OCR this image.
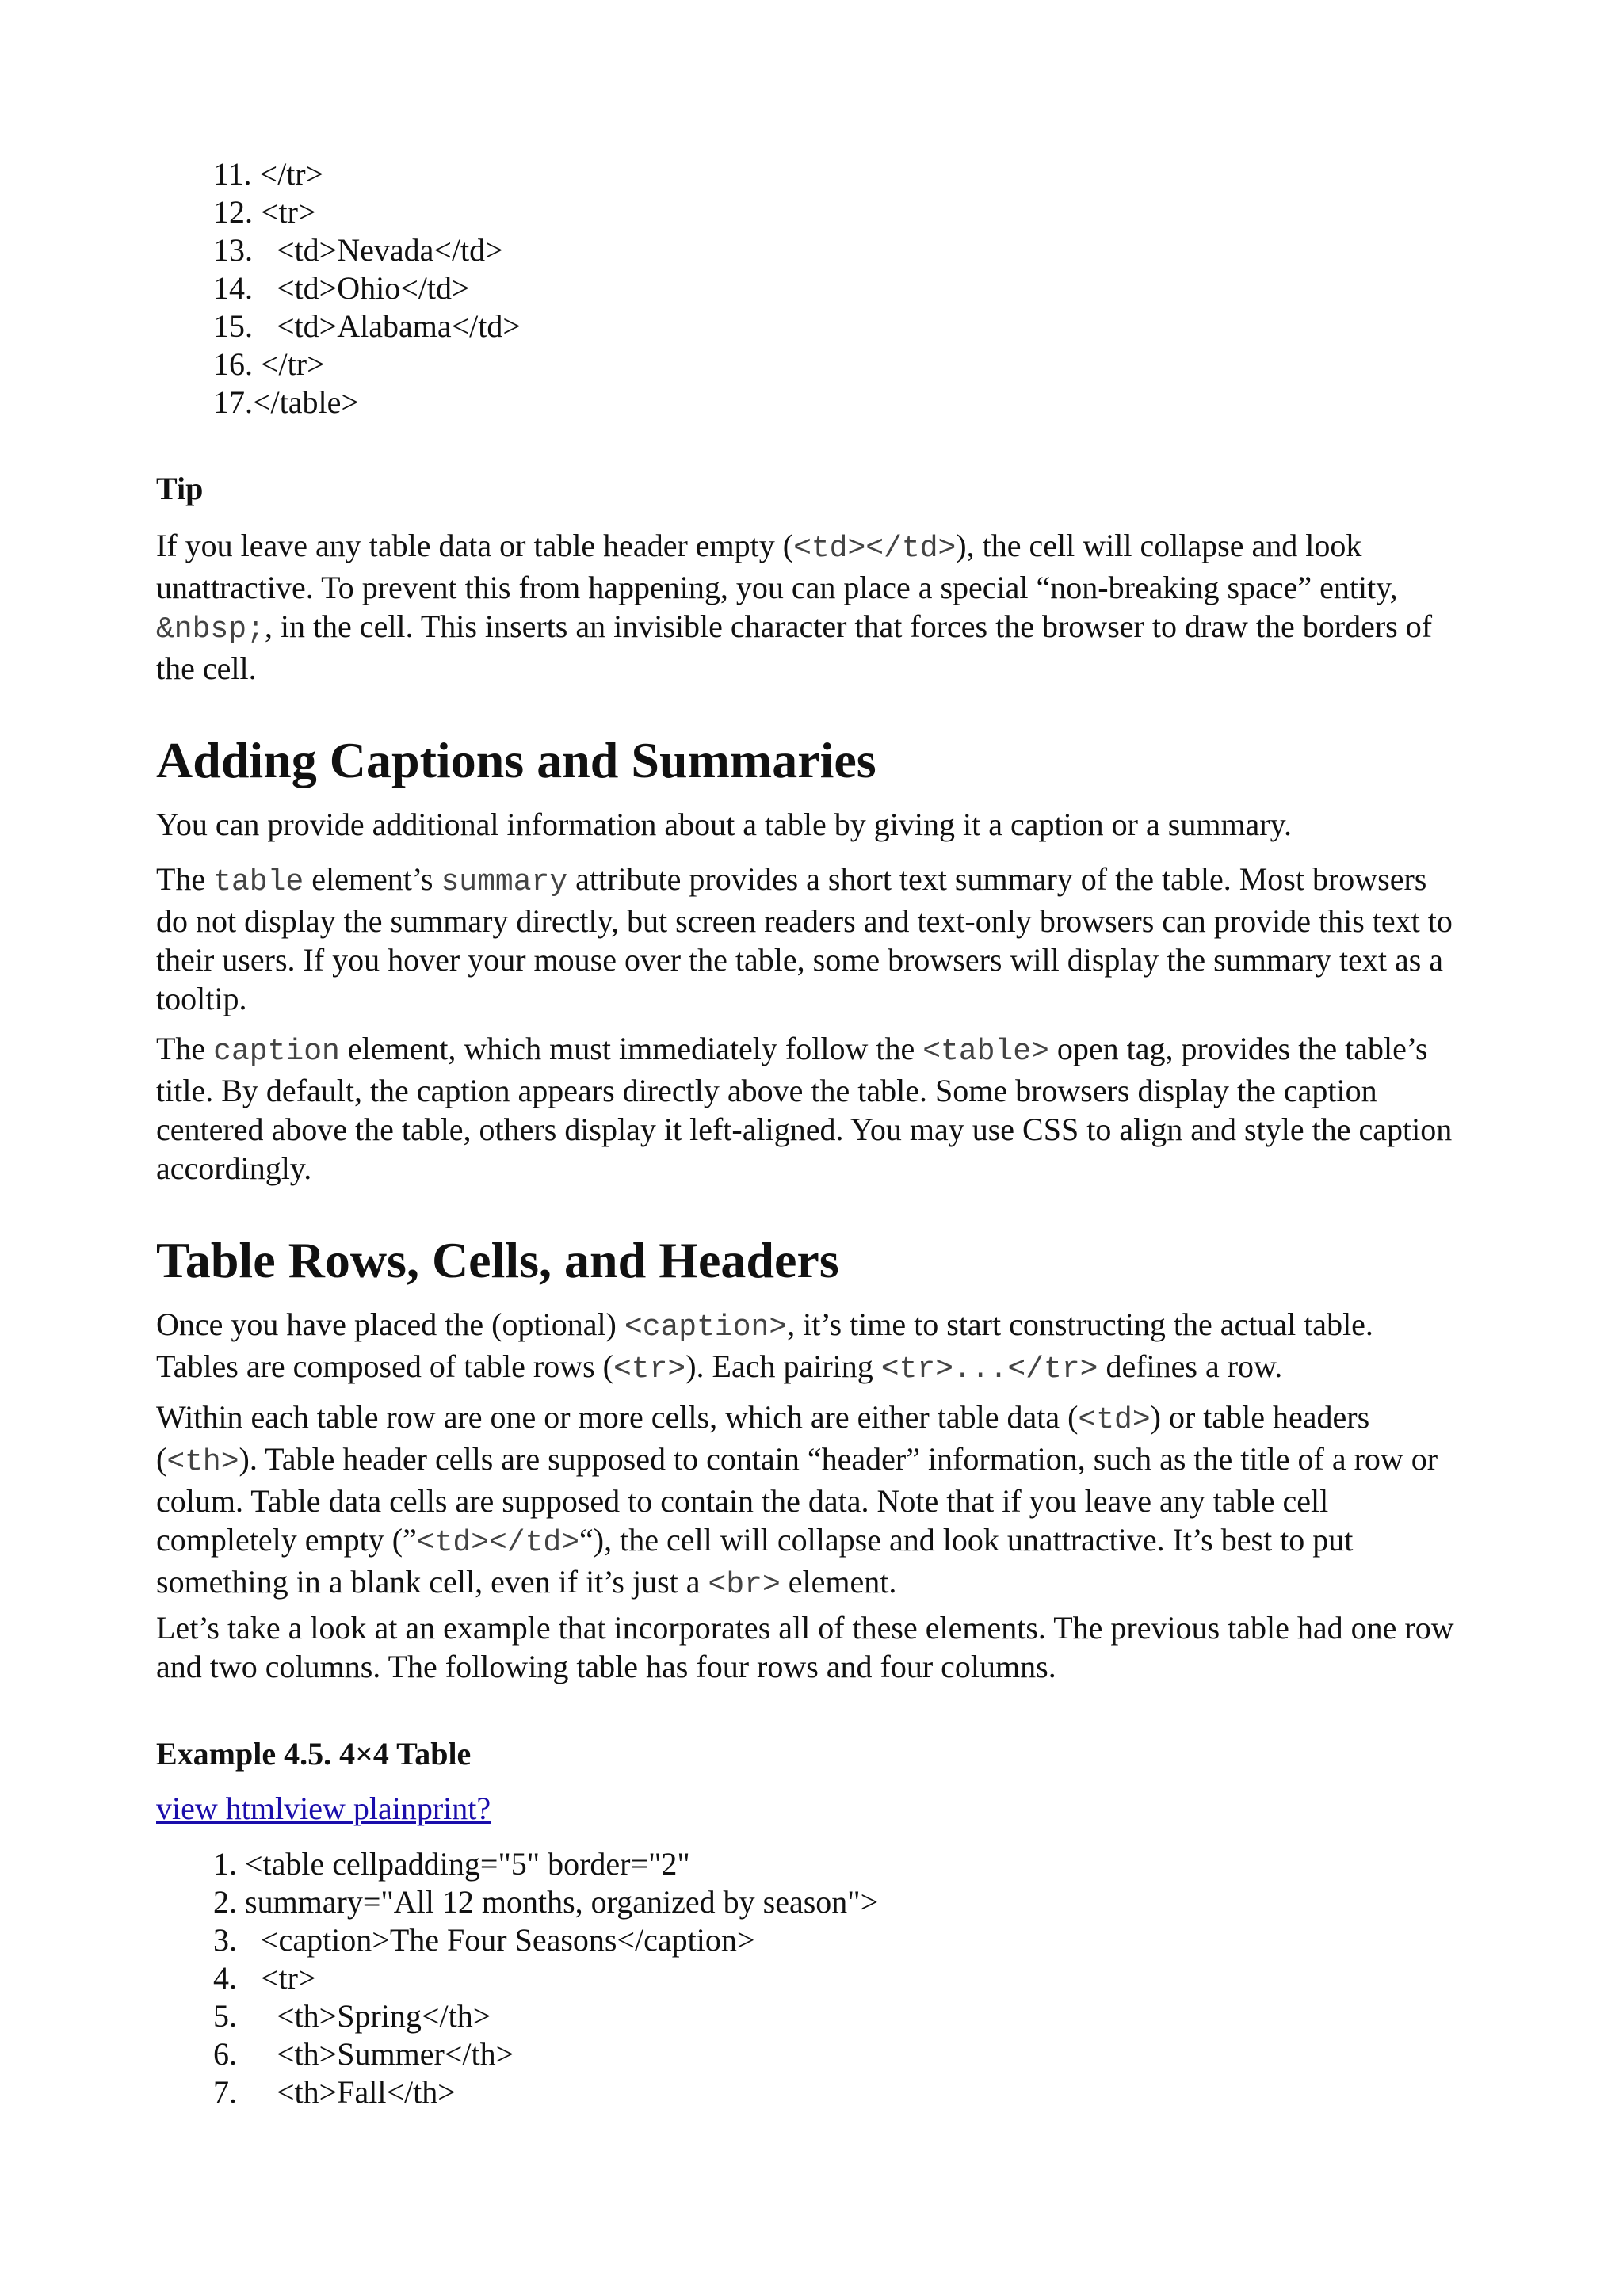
11. </tr>
12. <tr>
13.   <td>Nevada</td>
14.   <td>Ohio</td>
15.   <td>Alabama</td>
16. </tr>
17.</table>
Tip

If you leave any table data or table header empty (<td></td>), the cell will collapse and look unattractive. To prevent this from happening, you can place a special “non-breaking space” entity, &nbsp;, in the cell. This inserts an invisible character that forces the browser to draw the borders of the cell.

Adding Captions and Summaries

You can provide additional information about a table by giving it a caption or a summary.

The table element’s summary attribute provides a short text summary of the table. Most browsers do not display the summary directly, but screen readers and text-only browsers can provide this text to their users. If you hover your mouse over the table, some browsers will display the summary text as a tooltip.

The caption element, which must immediately follow the <table> open tag, provides the table’s title. By default, the caption appears directly above the table. Some browsers display the caption centered above the table, others display it left-aligned. You may use CSS to align and style the caption accordingly.

Table Rows, Cells, and Headers

Once you have placed the (optional) <caption>, it’s time to start constructing the actual table. Tables are composed of table rows (<tr>). Each pairing <tr>...</tr> defines a row.

Within each table row are one or more cells, which are either table data (<td>) or table headers (<th>). Table header cells are supposed to contain “header” information, such as the title of a row or colum. Table data cells are supposed to contain the data. Note that if you leave any table cell completely empty (”<td></td>“), the cell will collapse and look unattractive. It’s best to put something in a blank cell, even if it’s just a <br> element.

Let’s take a look at an example that incorporates all of these elements. The previous table had one row and two columns. The following table has four rows and four columns.

Example 4.5. 4×4 Table
view htmlview plainprint?
1. <table cellpadding="5" border="2"
2. summary="All 12 months, organized by season">
3.   <caption>The Four Seasons</caption>
4.   <tr>
5.     <th>Spring</th>
6.     <th>Summer</th>
7.     <th>Fall</th>
